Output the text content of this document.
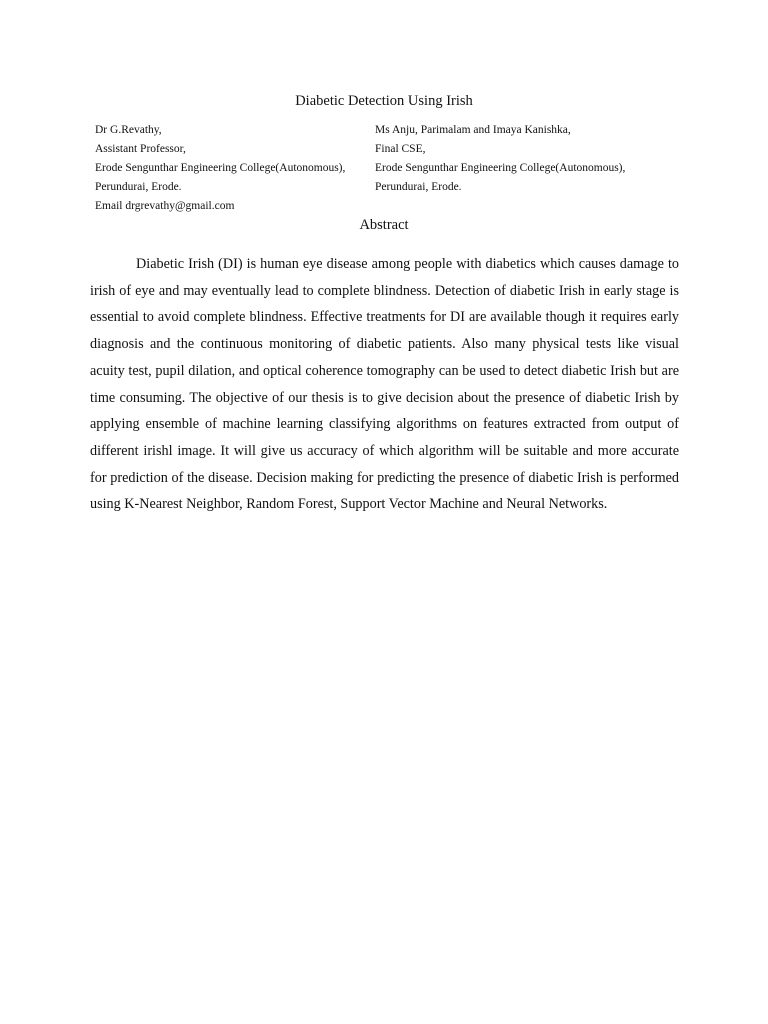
Diabetic Detection Using Irish
Dr G.Revathy,
Assistant Professor,
Erode Sengunthar Engineering College(Autonomous),
Perundurai, Erode.
Email drgrevathy@gmail.com
Ms Anju, Parimalam and Imaya Kanishka,
Final CSE,
Erode Sengunthar Engineering College(Autonomous),
Perundurai, Erode.
Abstract

Diabetic Irish (DI) is human eye disease among people with diabetics which causes damage to irish of eye and may eventually lead to complete blindness. Detection of diabetic Irish in early stage is essential to avoid complete blindness. Effective treatments for DI are available though it requires early diagnosis and the continuous monitoring of diabetic patients. Also many physical tests like visual acuity test, pupil dilation, and optical coherence tomography can be used to detect diabetic Irish but are time consuming. The objective of our thesis is to give decision about the presence of diabetic Irish by applying ensemble of machine learning classifying algorithms on features extracted from output of different irishl image. It will give us accuracy of which algorithm will be suitable and more accurate for prediction of the disease. Decision making for predicting the presence of diabetic Irish is performed using K-Nearest Neighbor, Random Forest, Support Vector Machine and Neural Networks.
